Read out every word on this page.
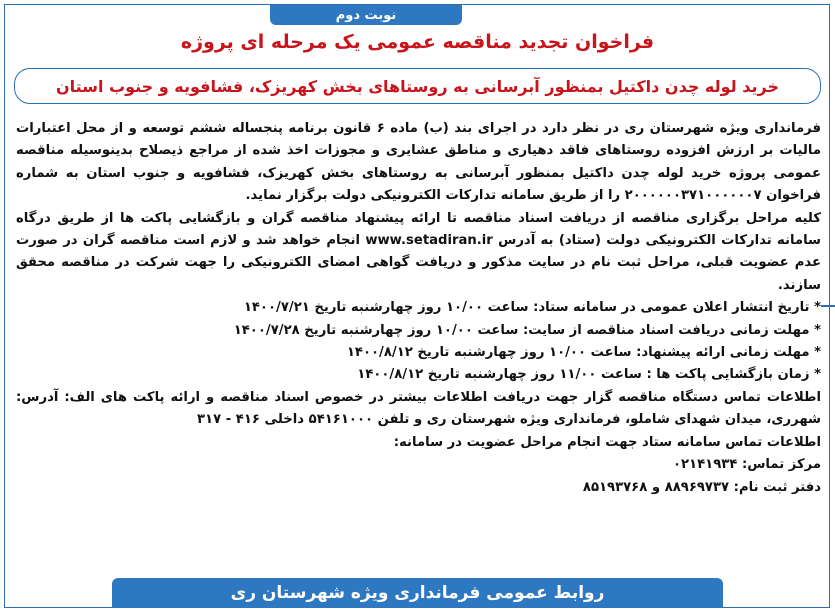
نوبت دوم
فراخوان تجدید مناقصه عمومی یک مرحله ای پروژه
خرید لوله چدن داکتیل بمنظور آبرسانی به روستاهای بخش کهریزک، فشافویه و جنوب استان

فرمانداری ویژه شهرستان ری در نظر دارد در اجرای بند (ب) ماده ۶ قانون برنامه پنجساله ششم توسعه و از محل اعتبارات مالیات بر ارزش افزوده روستاهای فاقد دهیاری و مناطق عشایری و مجوزات اخذ شده از مراجع ذیصلاح بدینوسیله مناقصه عمومی پروژه خرید لوله چدن داکتیل بمنظور آبرسانی به روستاهای بخش کهریزک، فشافویه و جنوب استان به شماره فراخوان ۲۰۰۰۰۰۰۳۷۱۰۰۰۰۰۰۷ را از طریق سامانه تدارکات الکترونیکی دولت برگزار نماید.

کلیه مراحل برگزاری مناقصه از دریافت اسناد مناقصه تا ارائه پیشنهاد مناقصه گران و بازگشایی پاکت ها از طریق درگاه سامانه تدارکات الکترونیکی دولت (ستاد) به آدرس www.setadiran.ir انجام خواهد شد و لازم است مناقصه گران در صورت عدم عضویت قبلی، مراحل ثبت نام در سایت مذکور و دریافت گواهی امضای الکترونیکی را جهت شرکت در مناقصه محقق سازند.

* تاریخ انتشار اعلان عمومی در سامانه ستاد: ساعت ۱۰/۰۰ روز چهارشنبه تاریخ ۱۴۰۰/۷/۲۱

* مهلت زمانی دریافت اسناد مناقصه از سایت: ساعت ۱۰/۰۰ روز چهارشنبه تاریخ ۱۴۰۰/۷/۲۸

* مهلت زمانی ارائه پیشنهاد: ساعت ۱۰/۰۰ روز چهارشنبه تاریخ ۱۴۰۰/۸/۱۲

* زمان بازگشایی پاکت ها : ساعت ۱۱/۰۰ روز چهارشنبه تاریخ ۱۴۰۰/۸/۱۲

اطلاعات تماس دستگاه مناقصه گزار جهت دریافت اطلاعات بیشتر در خصوص اسناد مناقصه و ارائه پاکت های الف: آدرس: شهرری، میدان شهدای شاملو، فرمانداری ویژه شهرستان ری و تلفن ۵۴۱۶۱۰۰۰ داخلی ۴۱۶ - ۳۱۷

اطلاعات تماس سامانه ستاد جهت انجام مراحل عضویت در سامانه:

مرکز تماس: ۰۲۱۴۱۹۳۴

دفتر ثبت نام: ۸۸۹۶۹۷۳۷ و ۸۵۱۹۳۷۶۸

روابط عمومی فرمانداری ویژه شهرستان ری
